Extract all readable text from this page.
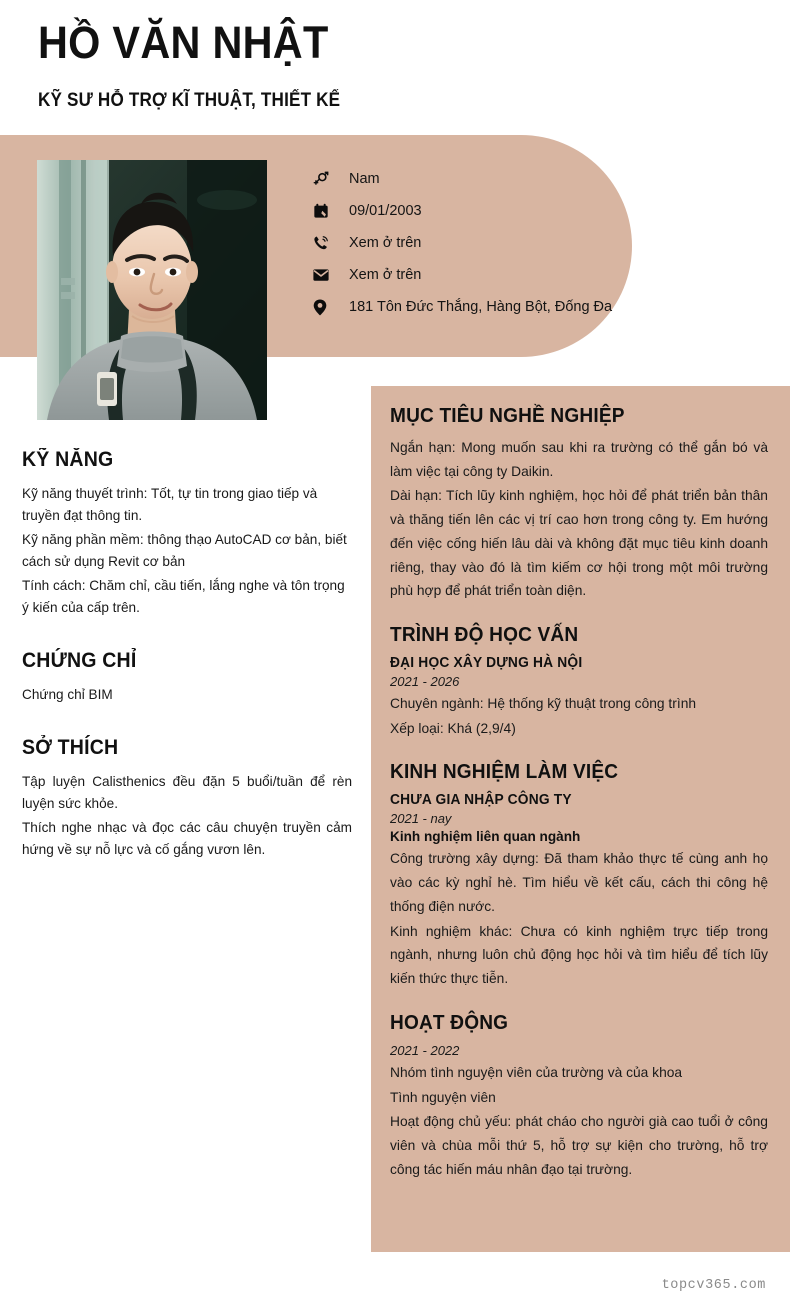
HỒ VĂN NHẬT
KỸ SƯ HỖ TRỢ KĨ THUẬT, THIẾT KẾ
Nam
09/01/2003
Xem ở trên
Xem ở trên
181 Tôn Đức Thắng, Hàng Bột, Đống Đa
KỸ NĂNG

Kỹ năng thuyết trình: Tốt, tự tin trong giao tiếp và truyền đạt thông tin.

Kỹ năng phần mềm: thông thạo AutoCAD cơ bản, biết cách sử dụng Revit cơ bản

Tính cách: Chăm chỉ, cầu tiến, lắng nghe và tôn trọng ý kiến của cấp trên.

CHỨNG CHỈ

Chứng chỉ BIM

SỞ THÍCH

Tập luyện Calisthenics đều đặn 5 buổi/tuần để rèn luyện sức khỏe.

Thích nghe nhạc và đọc các câu chuyện truyền cảm hứng về sự nỗ lực và cố gắng vươn lên.

MỤC TIÊU NGHỀ NGHIỆP

Ngắn hạn: Mong muốn sau khi ra trường có thể gắn bó và làm việc tại công ty Daikin.

Dài hạn: Tích lũy kinh nghiệm, học hỏi để phát triển bản thân và thăng tiến lên các vị trí cao hơn trong công ty. Em hướng đến việc cống hiến lâu dài và không đặt mục tiêu kinh doanh riêng, thay vào đó là tìm kiếm cơ hội trong một môi trường phù hợp để phát triển toàn diện.

TRÌNH ĐỘ HỌC VẤN
ĐẠI HỌC XÂY DỰNG HÀ NỘI
2021 - 2026

Chuyên ngành: Hệ thống kỹ thuật trong công trình

Xếp loại: Khá (2,9/4)

KINH NGHIỆM LÀM VIỆC
CHƯA GIA NHẬP CÔNG TY
2021 - nay
Kinh nghiệm liên quan ngành

Công trường xây dựng: Đã tham khảo thực tế cùng anh họ vào các kỳ nghỉ hè. Tìm hiểu về kết cấu, cách thi công hệ thống điện nước.

Kinh nghiệm khác: Chưa có kinh nghiệm trực tiếp trong ngành, nhưng luôn chủ động học hỏi và tìm hiểu để tích lũy kiến thức thực tiễn.

HOẠT ĐỘNG
2021 - 2022

Nhóm tình nguyện viên của trường và của khoa

Tình nguyện viên

Hoạt động chủ yếu: phát cháo cho người già cao tuổi ở công viên và chùa mỗi thứ 5, hỗ trợ sự kiện cho trường, hỗ trợ công tác hiến máu nhân đạo tại trường.

topcv365.com
